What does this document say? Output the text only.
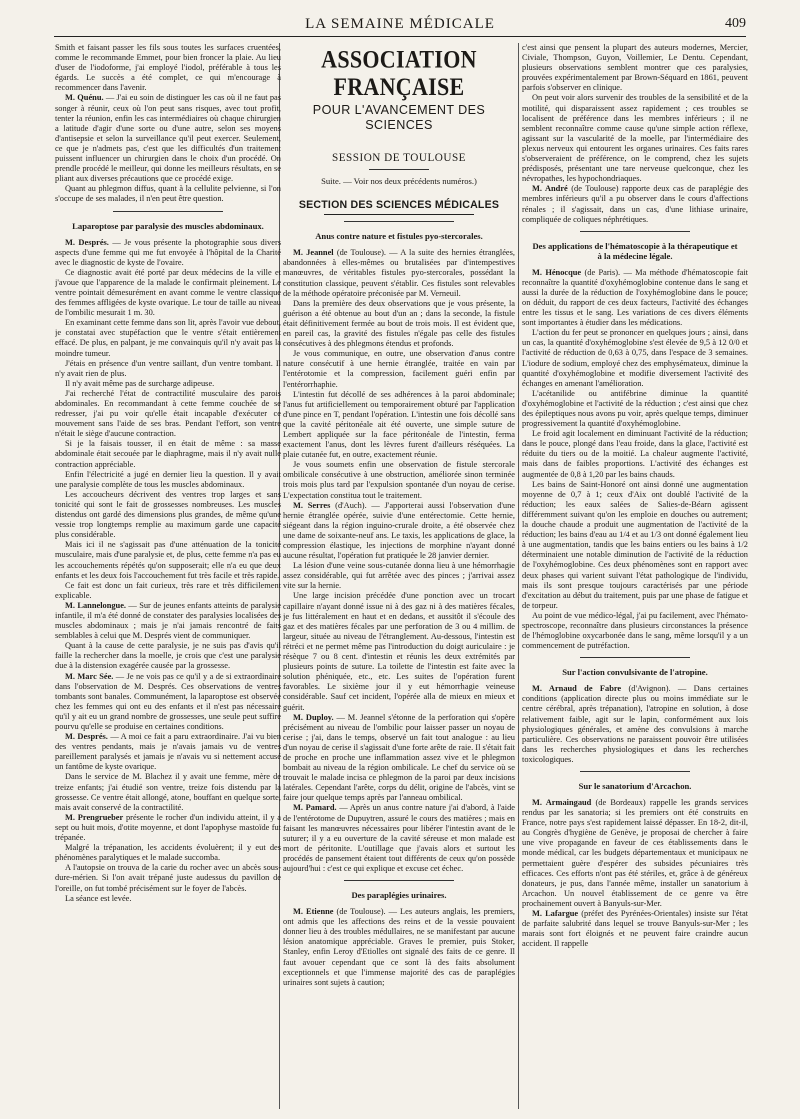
LA SEMAINE MÉDICALE	409

Smith et faisant passer les fils sous toutes les surfaces cruentées, comme le recommande Emmet, pour bien froncer la plaie. Au lieu d'user de l'iodoforme, j'ai employé l'iodol, préférable à tous les égards. Le succès a été complet, ce qui m'encourage à recommencer dans l'avenir.

M. Quénu. — J'ai eu soin de distinguer les cas où il ne faut pas songer à réunir, ceux où l'on peut sans risques, avec tout profit, tenter la réunion, enfin les cas intermédiaires où chaque chirurgien a latitude d'agir d'une sorte ou d'une autre, selon ses moyens d'antisepsie et selon la surveillance qu'il peut exercer. Seulement, ce que je n'admets pas, c'est que les difficultés d'un traitement puissent influencer un chirurgien dans le choix d'un procédé. On prendle procédé le meilleur, qui donne les meilleurs résultats, en se pliant aux diverses précautions que ce procédé exige.

Quant au phlegmon diffus, quant à la cellulite pelvienne, si l'on s'occupe de ses malades, il n'en peut être question.

Laparoptose par paralysie des muscles abdominaux.

M. Després. — Je vous présente la photographie sous divers aspects d'une femme qui me fut envoyée à l'hôpital de la Charité avec le diagnostic de kyste de l'ovaire.

Ce diagnostic avait été porté par deux médecins de la ville et j'avoue que l'apparence de la malade le confirmait pleinement. Le ventre pointait démesurément en avant comme le ventre classique des femmes affligées de kyste ovarique. Le tour de taille au niveau de l'ombilic mesurait 1 m. 30.

En examinant cette femme dans son lit, après l'avoir vue debout, je constatai avec stupéfaction que le ventre s'était entièrement effacé. De plus, en palpant, je me convainquis qu'il n'y avait pas la moindre tumeur.

J'étais en présence d'un ventre saillant, d'un ventre tombant. Il n'y avait rien de plus.

Il n'y avait même pas de surcharge adipeuse.

J'ai recherché l'état de contractilité musculaire des parois abdominales. En recommandant à cette femme couchée de se redresser, j'ai pu voir qu'elle était incapable d'exécuter ce mouvement sans l'aide de ses bras. Pendant l'effort, son ventre n'était le siège d'aucune contraction.

Si je la faisais tousser, il en était de même : sa masse abdominale était secouée par le diaphragme, mais il n'y avait nulle contraction appréciable.

Enfin l'électricité a jugé en dernier lieu la question. Il y avait une paralysie complète de tous les muscles abdominaux.

Les accoucheurs décrivent des ventres trop larges et sans tonicité qui sont le fait de grossesses nombreuses. Les muscles distendus ont gardé des dimensions plus grandes, de même qu'une vessie trop longtemps remplie au maximum garde une capacité plus considérable.

Mais ici il ne s'agissait pas d'une atténuation de la tonicité musculaire, mais d'une paralysie et, de plus, cette femme n'a pas eu les accouchements répétés qu'on supposerait; elle n'a eu que deux enfants et les deux fois l'accouchement fut très facile et très rapide.

Ce fait est donc un fait curieux, très rare et très difficilement explicable.

M. Lannelongue. — Sur de jeunes enfants atteints de paralysie infantile, il m'a été donné de constater des paralysies localisées des muscles abdominaux ; mais je n'ai jamais rencontré de faits semblables à celui que M. Després vient de communiquer.

Quant à la cause de cette paralysie, je ne suis pas d'avis qu'il faille la rechercher dans la moelle, je crois que c'est une paralysie due à la distension exagérée causée par la grossesse.

M. Marc Sée. — Je ne vois pas ce qu'il y a de si extraordinaire dans l'observation de M. Després. Ces observations de ventres tombants sont banales. Communément, la laparoptose est observée chez les femmes qui ont eu des enfants et il n'est pas nécessaire qu'il y ait eu un grand nombre de grossesses, une seule peut suffire pourvu qu'elle se produise en certaines conditions.

M. Després. — A moi ce fait a paru extraordinaire. J'ai vu bien des ventres pendants, mais je n'avais jamais vu de ventres pareillement paralysés et jamais je n'avais vu si nettement accusé un fantôme de kyste ovarique.

Dans le service de M. Blachez il y avait une femme, mère de treize enfants; j'ai étudié son ventre, treize fois distendu par la grossesse. Ce ventre était allongé, atone, bouffant en quelque sorte, mais avait conservé de la contractilité.

M. Prengrueber présente le rocher d'un individu atteint, il y a sept ou huit mois, d'otite moyenne, et dont l'apophyse mastoïde fut trépanée.

Malgré la trépanation, les accidents évoluèrent; il y eut des phénomènes paralytiques et le malade succomba.

A l'autopsie on trouva de la carie du rocher avec un abcès sous-dure-mérien. Si l'on avait trépané juste audessus du pavillon de l'oreille, on fut tombé précisément sur le foyer de l'abcès.

La séance est levée.

ASSOCIATION FRANÇAISE
POUR L'AVANCEMENT DES SCIENCES
SESSION DE TOULOUSE
Suite. — Voir nos deux précédents numéros.)
SECTION DES SCIENCES MÉDICALES
Anus contre nature et fistules pyo-stercorales.

M. Jeannel (de Toulouse). — A la suite des hernies étranglées, abandonnées à elles-mêmes ou brutalisées par d'intempestives manœuvres, de véritables fistules pyo-stercorales, possédant la constitution classique, peuvent s'établir. Ces fistules sont relevables de la méthode opératoire préconisée par M. Verneuil.

Dans la première des deux observations que je vous présente, la guérison a été obtenue au bout d'un an ; dans la seconde, la fistule était définitivement fermée au bout de trois mois. Il est évident que, en pareil cas, la gravité des fistules n'égale pas celle des fistules consécutives à des phlegmons étendus et profonds.

Je vous communique, en outre, une observation d'anus contre nature consécutif à une hernie étranglée, traitée en vain par l'entérotomie et la compression, facilement guéri enfin par l'entérorrhaphie.

L'intestin fut décollé de ses adhérences à la paroi abdominale; l'anus fut artificiellement ou temporairement obturé par l'application d'une pince en T, pendant l'opération. L'intestin une fois décollé sans que la cavité péritonéale ait été ouverte, une simple suture de Lembert appliquée sur la face péritonéale de l'intestin, ferma exactement l'anus, dont les lèvres furent d'ailleurs réséquées. La plaie cutanée fut, en outre, exactement réunie.

Je vous soumets enfin une observation de fistule stercorale ombilicale consécutive à une obstruction, améliorée sinon terminée trois mois plus tard par l'expulsion spontanée d'un noyau de cerise. L'expectation constitua tout le traitement.

M. Serres (d'Auch). — J'apporterai aussi l'observation d'une hernie étranglée opérée, suivie d'une entérectomie. Cette hernie, siégeant dans la région inguino-crurale droite, a été observée chez une dame de soixante-neuf ans. Le taxis, les applications de glace, la compression élastique, les injections de morphine n'ayant donné aucune résultat, l'opération fut pratiquée le 28 janvier dernier.

La lésion d'une veine sous-cutanée donna lieu à une hémorrhagie assez considérable, qui fut arrêtée avec des pinces ; j'arrivai assez vite sur la hernie.

Une large incision précédée d'une ponction avec un trocart capillaire n'ayant donné issue ni à des gaz ni à des matières fécales, je fus littéralement en haut et en dedans, et aussitôt il s'écoule des gaz et des matières fécales par une perforation de 3 ou 4 millim. de largeur, située au niveau de l'étranglement. Au-dessous, l'intestin est rétréci et ne permet même pas l'introduction du doigt auriculaire : je résèque 7 ou 8 cent. d'intestin et réunis les deux extrémités par plusieurs points de suture. La toilette de l'intestin est faite avec la solution phéniquée, etc., etc. Les suites de l'opération furent favorables. Le sixième jour il y eut hémorrhagie veineuse considérable. Sauf cet incident, l'opérée alla de mieux en mieux et guérit.

M. Duploy. — M. Jeannel s'étonne de la perforation qui s'opère précisément au niveau de l'ombilic pour laisser passer un noyau de cerise ; j'ai, dans le temps, observé un fait tout analogue : au lieu d'un noyau de cerise il s'agissait d'une forte arête de raie. Il s'était fait de proche en proche une inflammation assez vive et le phlegmon bombait au niveau de la région ombilicale. Le chef du service où se trouvait le malade incisa ce phlegmon de la paroi par deux incisions latérales. Cependant l'arête, corps du délit, origine de l'abcès, vint se faire jour quelque temps après par l'anneau ombilical.

M. Pamard. — Après un anus contre nature j'ai d'abord, à l'aide de l'entérotome de Dupuytren, assuré le cours des matières ; mais en faisant les manœuvres nécessaires pour libérer l'intestin avant de le suturer; il y a eu ouverture de la cavité séreuse et mon malade est mort de péritonite. L'outillage que j'avais alors et surtout les procédés de pansement étaient tout différents de ceux qu'on possède aujourd'hui : c'est ce qui explique et excuse cet échec.

Des paraplégies urinaires.

M. Etienne (de Toulouse). — Les auteurs anglais, les premiers, ont admis que les affections des reins et de la vessie pouvaient donner lieu à des troubles médullaires, ne se manifestant par aucune lésion anatomique appréciable. Graves le premier, puis Stoker, Stanley, enfin Leroy d'Etiolles ont signalé des faits de ce genre. Il faut avouer cependant que ce sont là des faits absolument exceptionnels et que l'immense majorité des cas de paraplégies urinaires sont sujets à caution;

c'est ainsi que pensent la plupart des auteurs modernes, Mercier, Civiale, Thompson, Guyon, Voillemier, Le Dentu. Cependant, plusieurs observations semblent montrer que ces paralysies, prouvées expérimentalement par Brown-Séquard en 1861, peuvent parfois s'observer en clinique.

On peut voir alors survenir des troubles de la sensibilité et de la motilité, qui disparaissent assez rapidement ; ces troubles se localisent de préférence dans les membres inférieurs ; il ne semblent reconnaître comme cause qu'une simple action réflexe, agissant sur la vascularité de la moelle, par l'intermédiaire des plexus nerveux qui entourent les organes urinaires. Ces faits rares s'observeraient de préférence, on le comprend, chez les sujets prédisposés, présentant une tare nerveuse quelconque, chez les névropathes, les hypochondriaques.

M. André (de Toulouse) rapporte deux cas de paraplégie des membres inférieurs qu'il a pu observer dans le cours d'affections rénales ; il s'agissait, dans un cas, d'une lithiase urinaire, compliquée de coliques néphrétiques.

Des applications de l'hématoscopie à la thérapeutique et à la médecine légale.

M. Hénocque (de Paris). — Ma méthode d'hématoscopie fait reconnaître la quantité d'oxyhémoglobine contenue dans le sang et aussi la durée de la réduction de l'oxyhémoglobine dans le pouce; on déduit, du rapport de ces deux facteurs, l'activité des échanges entre les tissus et le sang. Les variations de ces divers éléments sont importantes à étudier dans les médications.

L'action du fer peut se prononcer en quelques jours ; ainsi, dans un cas, la quantité d'oxyhémoglobine s'est élevée de 9,5 à 12 0/0 et l'activité de réduction de 0,63 à 0,75, dans l'espace de 3 semaines. L'iodure de sodium, employé chez des emphysémateux, diminue la quantité d'oxyhémoglobine et modifie diversement l'activité des échanges en amenant l'amélioration.

L'acétanilide ou antifébrine diminue la quantité d'oxyhémoglobine et l'activité de la réduction ; c'est ainsi que chez des épileptiques nous avons pu voir, après quelque temps, diminuer progressivement la quantité d'oxyhémoglobine.

Le froid agit localement en diminuant l'activité de la réduction; dans le pouce, plongé dans l'eau froide, dans la glace, l'activité est réduite du tiers ou de la moitié. La chaleur augmente l'activité, mais dans de faibles proportions. L'activité des échanges est augmentée de 0,8 à 1,20 par les bains chauds.

Les bains de Saint-Honoré ont ainsi donné une augmentation moyenne de 0,7 à 1; ceux d'Aix ont doublé l'activité de la réduction; les eaux salées de Salies-de-Béarn agissent différemment suivant qu'on les emploie en douches ou autrement; la douche chaude a produit une augmentation de l'activité de la réduction; les bains d'eau au 1/4 et au 1/3 ont donné également lieu à une augmentation, tandis que les bains entiers ou les bains à 1/2 déterminaient une notable diminution de l'activité de la réduction de l'oxyhémoglobine. Ces deux phénomènes sont en rapport avec deux phases qui varient suivant l'état pathologique de l'individu, mais ils sont presque toujours caractérisés par une période d'excitation au début du traitement, puis par une phase de fatigue et de torpeur.

Au point de vue médico-légal, j'ai pu facilement, avec l'hémato-spectroscope, reconnaître dans plusieurs circonstances la présence de l'hémoglobine oxycarbonée dans le sang, même lorsqu'il y a un commencement de putréfaction.

Sur l'action convulsivante de l'atropine.

M. Arnaud de Fabre (d'Avignon). — Dans certaines conditions (application directe plus ou moins immédiate sur le centre cérébral, après trépanation), l'atropine en solution, à dose relativement faible, agit sur le lapin, conformément aux lois physiologiques générales, et amène des convulsions à marche particulière. Ces observations ne paraissent pouvoir être utilisées dans les recherches physiologiques et dans les recherches toxicologiques.

Sur le sanatorium d'Arcachon.

M. Armaingaud (de Bordeaux) rappelle les grands services rendus par les sanatoria; si les premiers ont été construits en France, notre pays s'est rapidement laissé dépasser. En 18-2, dit-il, au Congrès d'hygiène de Genève, je proposai de chercher à faire une vive propagande en faveur de ces établissements dans le monde médical, car les budgets départementaux et municipaux ne permettaient guère d'espérer des subsides pécuniaires très efficaces. Ces efforts n'ont pas été stériles, et, grâce à de généreux donateurs, je pus, dans l'année même, installer un sanatorium à Arcachon. Un nouvel établissement de ce genre va être prochainement ouvert à Banyuls-sur-Mer.

M. Lafargue (préfet des Pyrénées-Orientales) insiste sur l'état de parfaite salubrité dans lequel se trouve Banyuls-sur-Mer ; les marais sont fort éloignés et ne peuvent faire craindre aucun accident. Il rappelle
